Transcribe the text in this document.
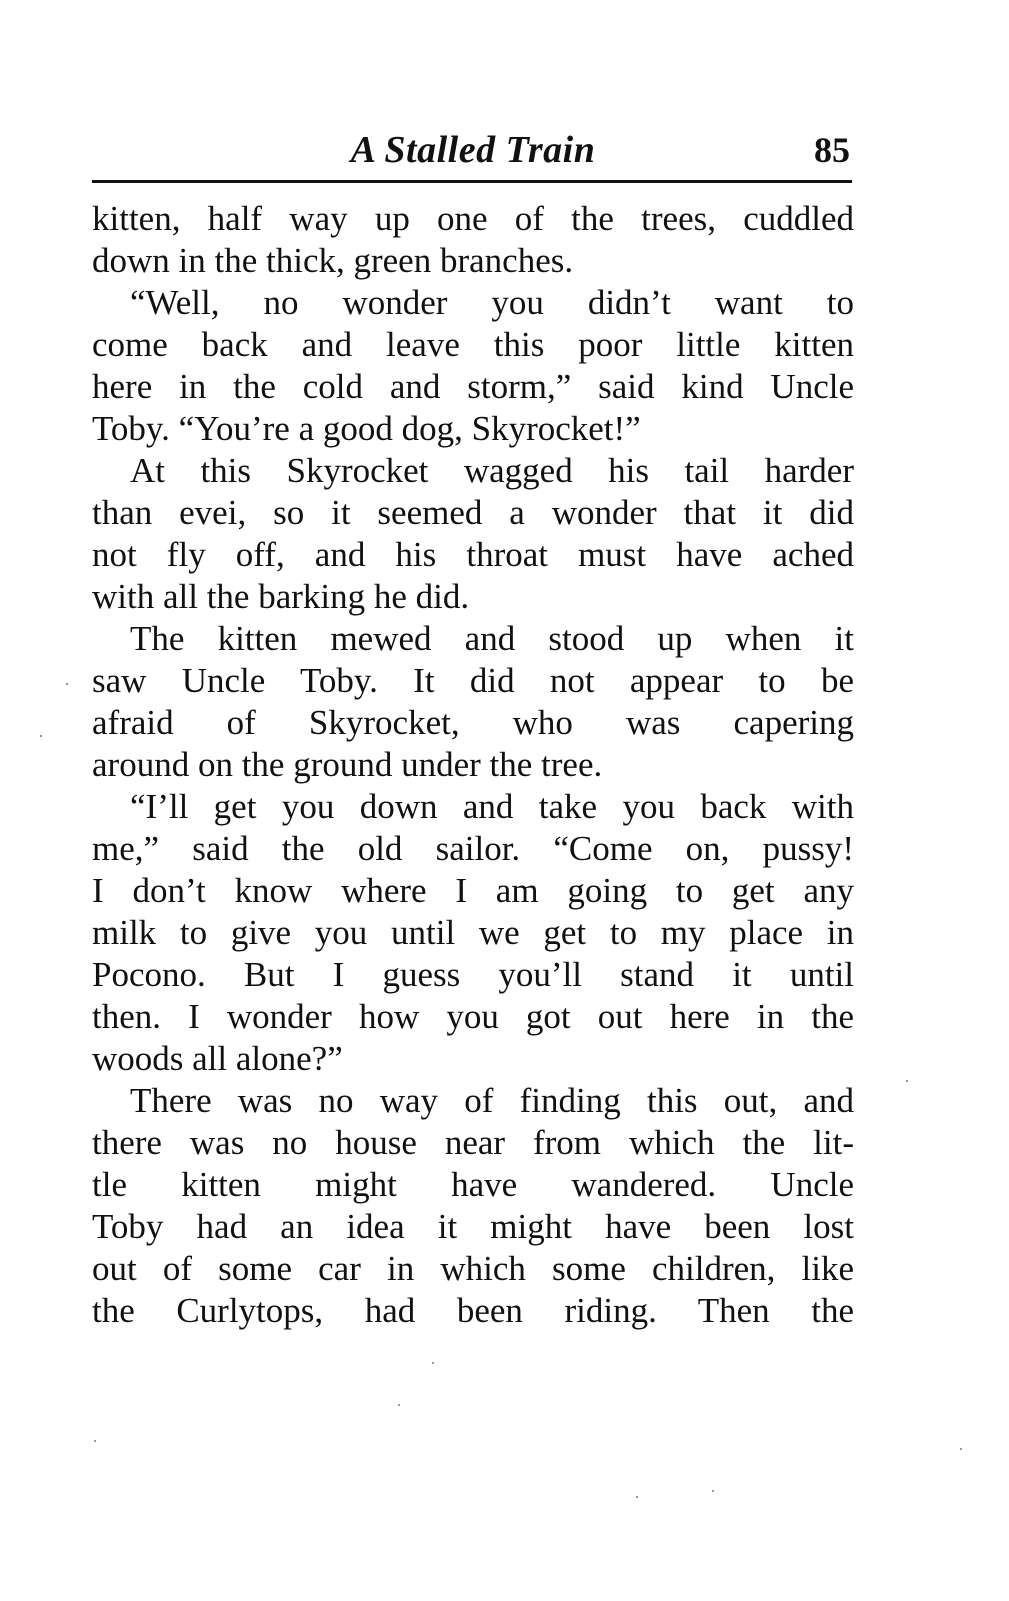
A Stalled Train	85
kitten, half way up one of the trees, cuddled
down in the thick, green branches.
“Well, no wonder you didn’t want to
come back and leave this poor little kitten
here in the cold and storm,” said kind Uncle
Toby. “You’re a good dog, Skyrocket!”
At this Skyrocket wagged his tail harder
than evei, so it seemed a wonder that it did
not fly off, and his throat must have ached
with all the barking he did.
The kitten mewed and stood up when it
saw Uncle Toby. It did not appear to be
afraid of Skyrocket, who was capering
around on the ground under the tree.
“I’ll get you down and take you back with
me,” said the old sailor. “Come on, pussy!
I don’t know where I am going to get any
milk to give you until we get to my place in
Pocono. But I guess you’ll stand it until
then. I wonder how you got out here in the
woods all alone?”
There was no way of finding this out, and
there was no house near from which the lit-
tle kitten might have wandered. Uncle
Toby had an idea it might have been lost
out of some car in which some children, like
the Curlytops, had been riding. Then the
